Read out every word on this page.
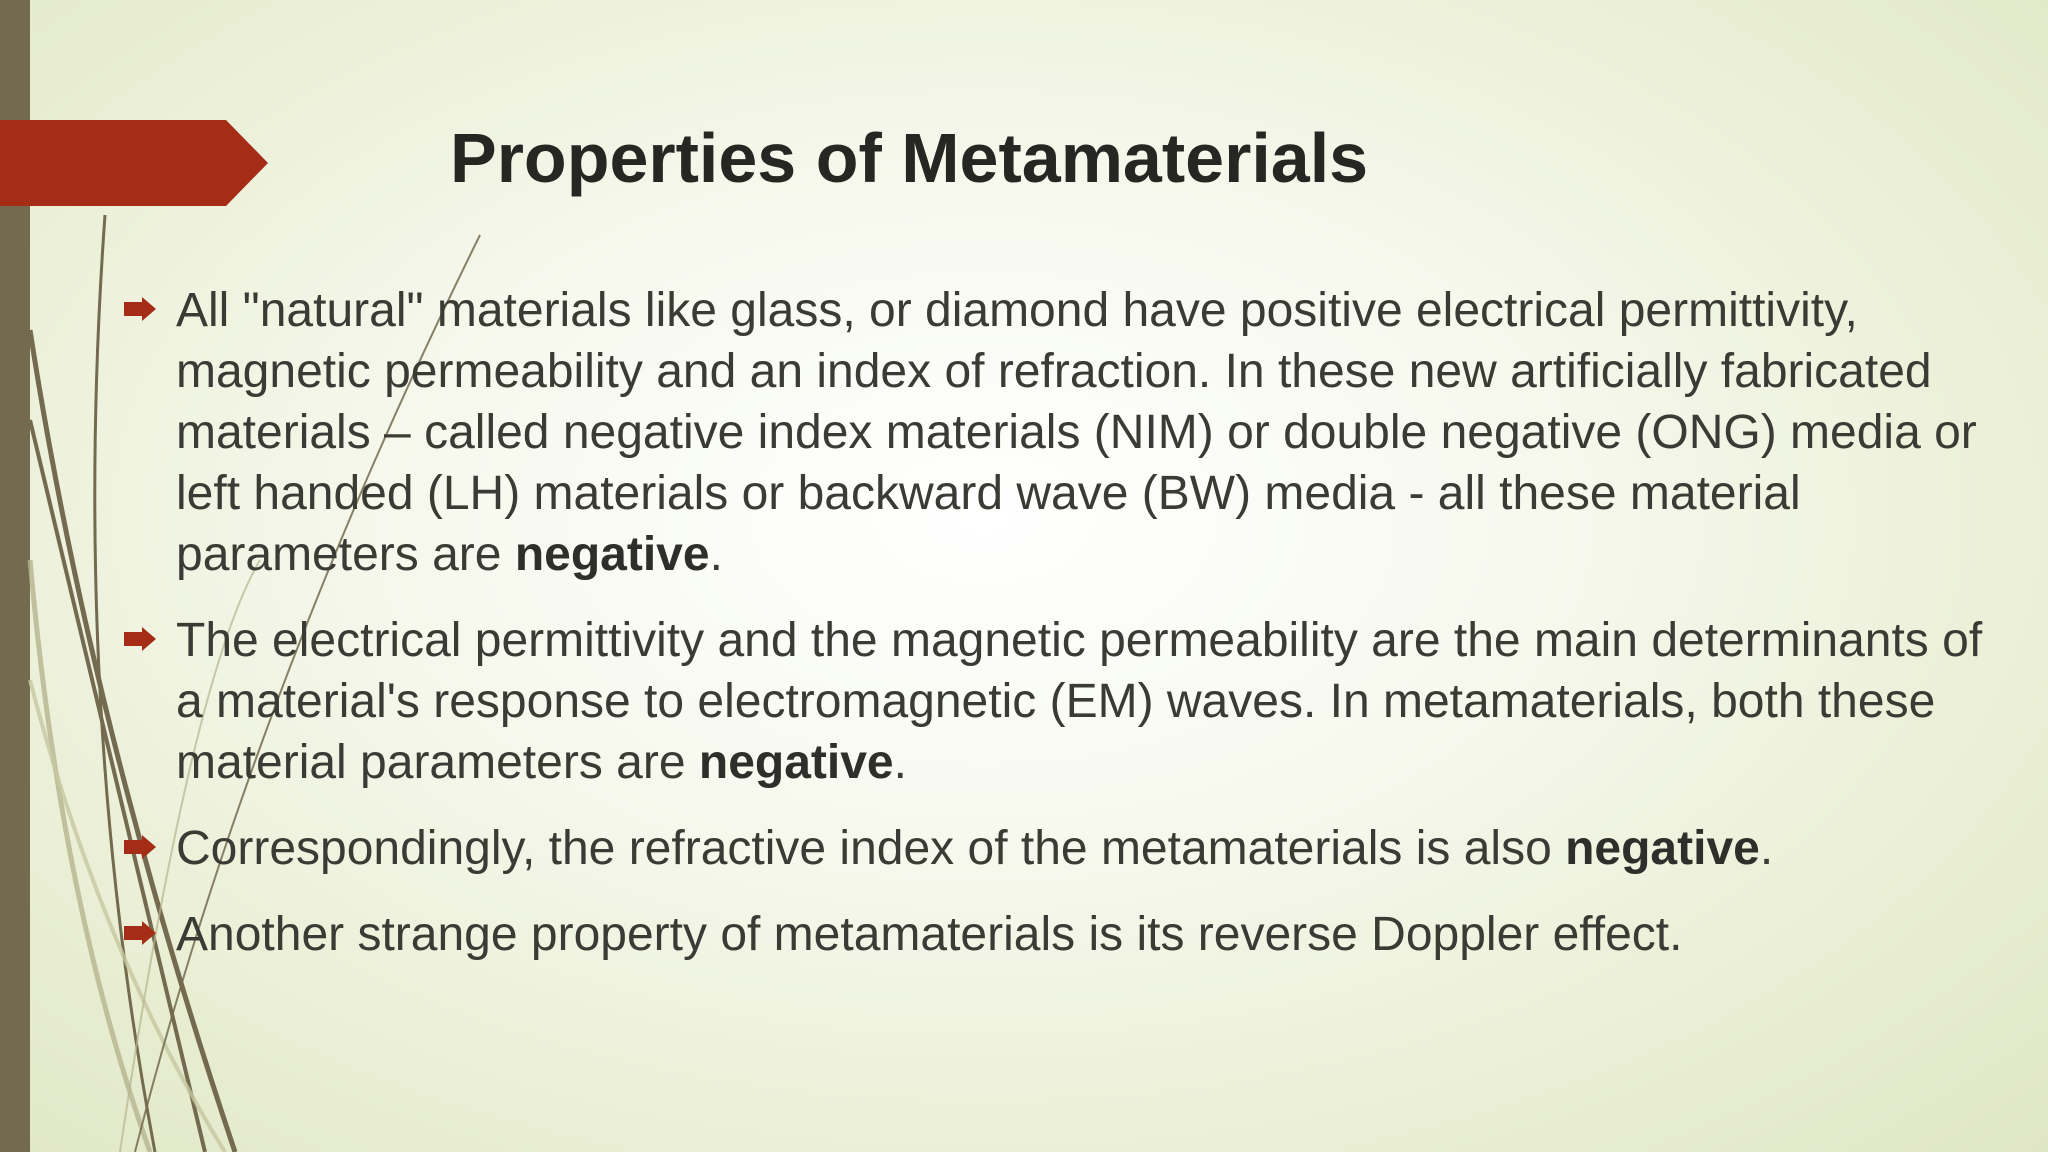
Properties of Metamaterials
All "natural" materials like glass, or diamond have positive electrical permittivity, magnetic permeability and an index of refraction. In these new artificially fabricated materials – called negative index materials (NIM) or double negative (ONG) media or left handed (LH) materials or backward wave (BW) media - all these material parameters are negative.
The electrical permittivity and the magnetic permeability are the main determinants of a material's response to electromagnetic (EM) waves. In metamaterials, both these material parameters are negative.
Correspondingly, the refractive index of the metamaterials is also negative.
Another strange property of metamaterials is its reverse Doppler effect.
